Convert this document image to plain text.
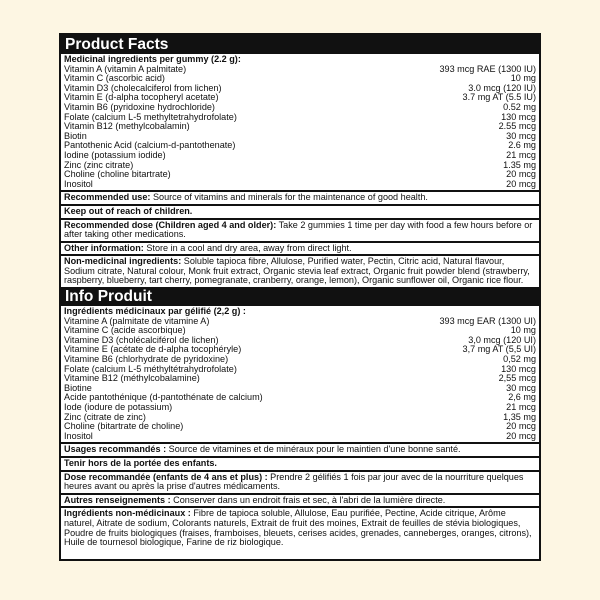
Product Facts
Medicinal ingredients per gummy (2.2 g):
Vitamin A (vitamin A palmitate)	393 mcg RAE (1300 IU)
Vitamin C (ascorbic acid)	10 mg
Vitamin D3 (cholecalciferol from lichen)	3.0 mcg (120 IU)
Vitamin E (d-alpha tocopheryl acetate)	3.7 mg AT (5.5 IU)
Vitamin B6 (pyridoxine hydrochloride)	0.52 mg
Folate (calcium L-5 methyltetrahydrofolate)	130 mcg
Vitamin B12 (methylcobalamin)	2.55 mcg
Biotin	30 mcg
Pantothenic Acid (calcium-d-pantothenate)	2.6 mg
Iodine (potassium iodide)	21 mcg
Zinc (zinc citrate)	1.35 mg
Choline (choline bitartrate)	20 mcg
Inositol	20 mcg
Recommended use: Source of vitamins and minerals for the maintenance of good health.
Keep out of reach of children.
Recommended dose (Children aged 4 and older): Take 2 gummies 1 time per day with food a few hours before or after taking other medications.
Other information: Store in a cool and dry area, away from direct light.
Non-medicinal ingredients: Soluble tapioca fibre, Allulose, Purified water, Pectin, Citric acid, Natural flavour, Sodium citrate, Natural colour, Monk fruit extract, Organic stevia leaf extract, Organic fruit powder blend (strawberry, raspberry, blueberry, tart cherry, pomegranate, cranberry, orange, lemon), Organic sunflower oil, Organic rice flour.
Info Produit
Ingrédients médicinaux par gélifié (2,2 g) :
Vitamine A (palmitate de vitamine A)	393 mcg EAR (1300 UI)
Vitamine C (acide ascorbique)	10 mg
Vitamine D3 (cholécalciférol de lichen)	3,0 mcg (120 UI)
Vitamine E (acétate de d-alpha tocophéryle)	3,7 mg AT (5,5 UI)
Vitamine B6 (chlorhydrate de pyridoxine)	0,52 mg
Folate (calcium L-5 méthyltétrahydrofolate)	130 mcg
Vitamine B12 (méthylcobalamine)	2,55 mcg
Biotine	30 mcg
Acide pantothénique (d-pantothénate de calcium)	2,6 mg
Iode (iodure de potassium)	21 mcg
Zinc (citrate de zinc)	1,35 mg
Choline (bitartrate de choline)	20 mcg
Inositol	20 mcg
Usages recommandés : Source de vitamines et de minéraux pour le maintien d'une bonne santé.
Tenir hors de la portée des enfants.
Dose recommandée (enfants de 4 ans et plus) : Prendre 2 gélifiés 1 fois par jour avec de la nourriture quelques heures avant ou après la prise d'autres médicaments.
Autres renseignements : Conserver dans un endroit frais et sec, à l'abri de la lumière directe.
Ingrédients non-médicinaux : Fibre de tapioca soluble, Allulose, Eau purifiée, Pectine, Acide citrique, Arôme naturel, Aitrate de sodium, Colorants naturels, Extrait de fruit des moines, Extrait de feuilles de stévia biologiques, Poudre de fruits biologiques (fraises, framboises, bleuets, cerises acides, grenades, canneberges, oranges, citrons), Huile de tournesol biologique, Farine de riz biologique.
